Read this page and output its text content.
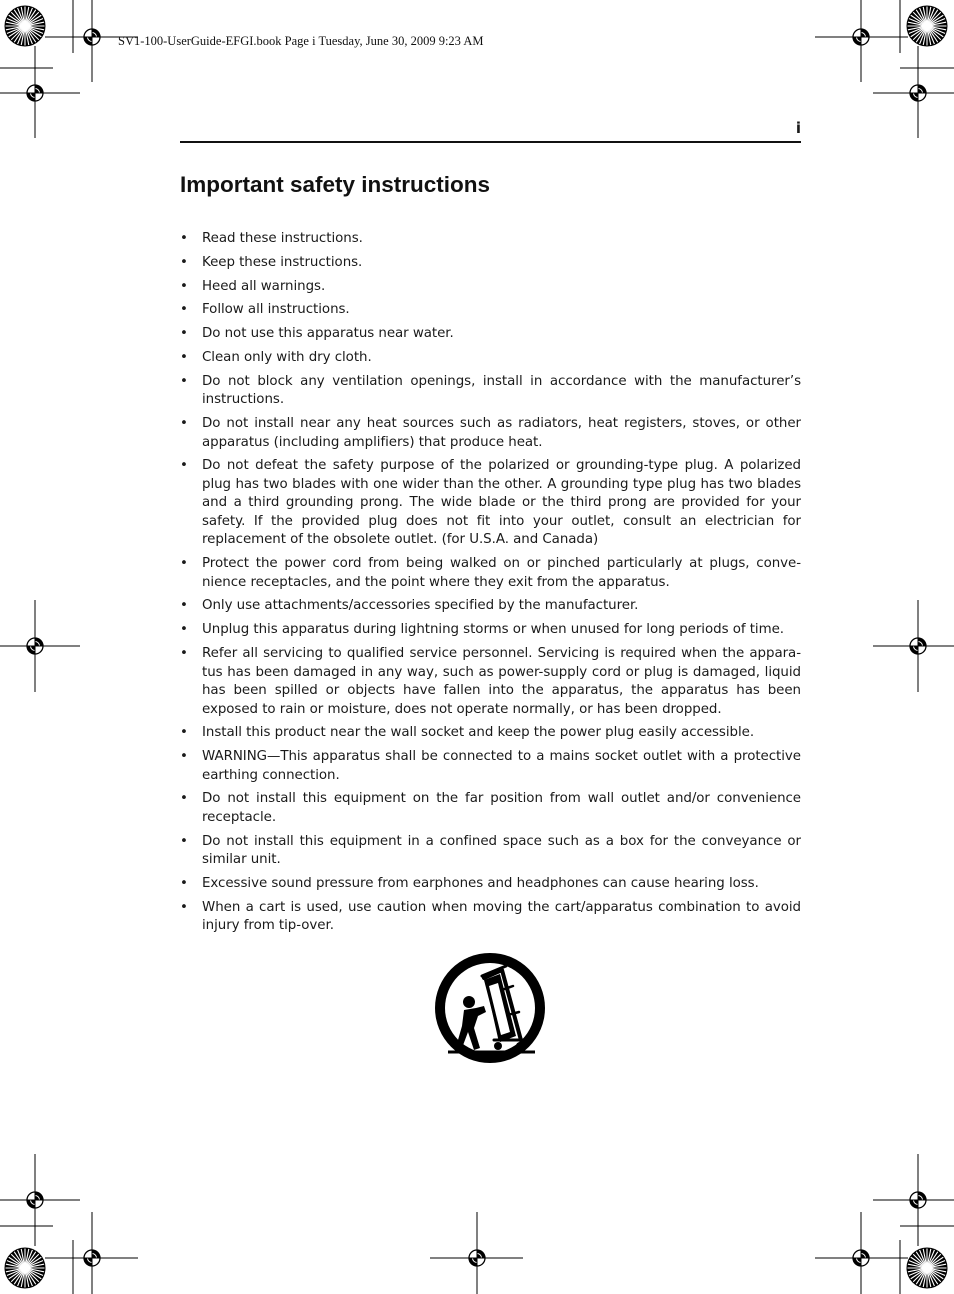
SV1-100-UserGuide-EFGI.book Page i Tuesday, June 30, 2009 9:23 AM
i
Important safety instructions
• Read these instructions.
• Keep these instructions.
• Heed all warnings.
• Follow all instructions.
• Do not use this apparatus near water.
• Clean only with dry cloth.
• Do not block any ventilation openings, install in accordance with the manufacturer’s instructions.
• Do not install near any heat sources such as radiators, heat registers, stoves, or other apparatus (including amplifiers) that produce heat.
• Do not defeat the safety purpose of the polarized or grounding-type plug. A polarized plug has two blades with one wider than the other. A grounding type plug has two blades and a third grounding prong. The wide blade or the third prong are provided for your safety. If the provided plug does not fit into your outlet, consult an electrician for replacement of the obsolete outlet. (for U.S.A. and Canada)
• Protect the power cord from being walked on or pinched particularly at plugs, conve-nience receptacles, and the point where they exit from the apparatus.
• Only use attachments/accessories specified by the manufacturer.
• Unplug this apparatus during lightning storms or when unused for long periods of time.
• Refer all servicing to qualified service personnel. Servicing is required when the appara-tus has been damaged in any way, such as power-supply cord or plug is damaged, liquid has been spilled or objects have fallen into the apparatus, the apparatus has been exposed to rain or moisture, does not operate normally, or has been dropped.
• Install this product near the wall socket and keep the power plug easily accessible.
• WARNING—This apparatus shall be connected to a mains socket outlet with a protective earthing connection.
• Do not install this equipment on the far position from wall outlet and/or convenience receptacle.
• Do not install this equipment in a confined space such as a box for the conveyance or similar unit.
• Excessive sound pressure from earphones and headphones can cause hearing loss.
• When a cart is used, use caution when moving the cart/apparatus combination to avoid injury from tip-over.
